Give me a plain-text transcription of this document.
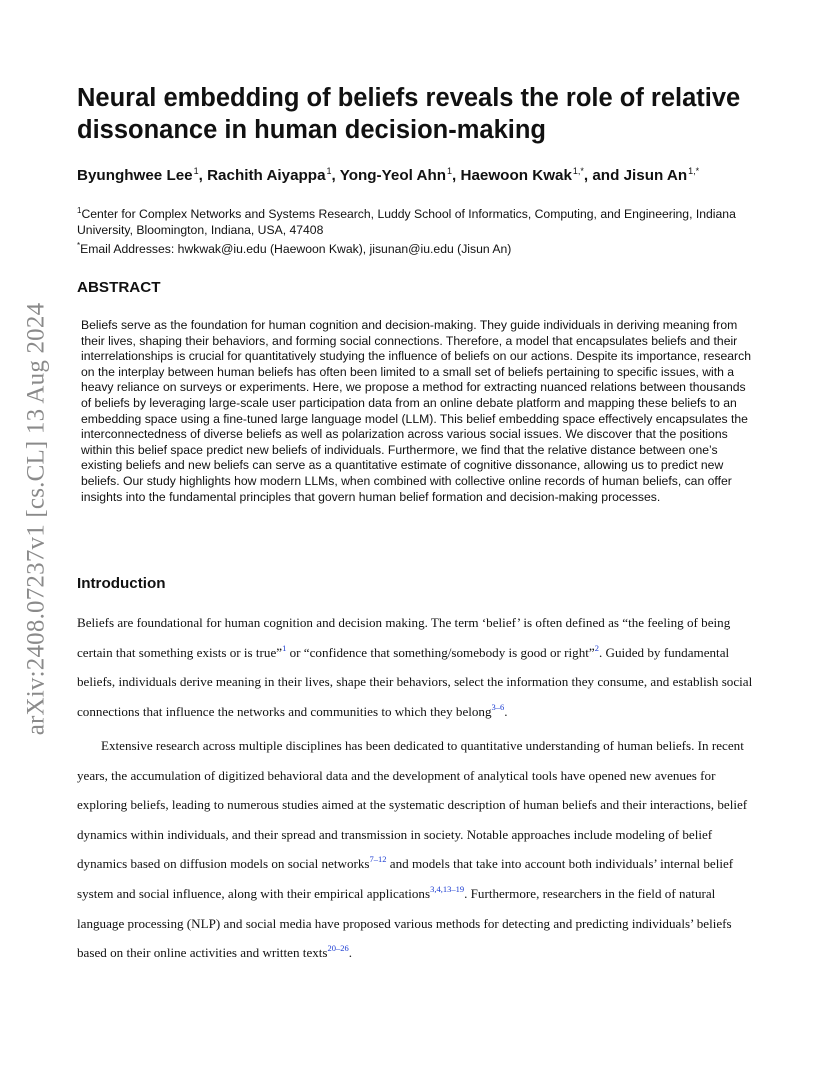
arXiv:2408.07237v1 [cs.CL] 13 Aug 2024
Neural embedding of beliefs reveals the role of relative dissonance in human decision-making
Byunghwee Lee$^1$, Rachith Aiyappa$^1$, Yong-Yeol Ahn$^1$, Haewoon Kwak$^{1,*}$, and Jisun $An^{1,*}$
$^1$Center for Complex Networks and Systems Research, Luddy School of Informatics, Computing, and Engineering, Indiana University, Bloomington, Indiana, USA, 47408
*Email Addresses: hwkwak@iu.edu (Haewoon Kwak), jisunan@iu.edu (Jisun An)
ABSTRACT

Beliefs serve as the foundation for human cognition and decision-making. They guide individuals in deriving meaning from their lives, shaping their behaviors, and forming social connections. Therefore, a model that encapsulates beliefs and their interrelationships is crucial for quantitatively studying the influence of beliefs on our actions. Despite its importance, research on the interplay between human beliefs has often been limited to a small set of beliefs pertaining to specific issues, with a heavy reliance on surveys or experiments. Here, we propose a method for extracting nuanced relations between thousands of beliefs by leveraging large-scale user participation data from an online debate platform and mapping these beliefs to an embedding space using a fine-tuned large language model (LLM). This belief embedding space effectively encapsulates the interconnectedness of diverse beliefs as well as polarization across various social issues. We discover that the positions within this belief space predict new beliefs of individuals. Furthermore, we find that the relative distance between one’s existing beliefs and new beliefs can serve as a quantitative estimate of cognitive dissonance, allowing us to predict new beliefs. Our study highlights how modern LLMs, when combined with collective online records of human beliefs, can offer insights into the fundamental principles that govern human belief formation and decision-making processes.

Introduction

Beliefs are foundational for human cognition and decision making. The term ‘belief’ is often defined as “the feeling of being certain that something exists or is true”$^1$ or “confidence that something/somebody is good or right”$^2$. Guided by fundamental beliefs, individuals derive meaning in their lives, shape their behaviors, select the information they consume, and establish social connections that influence the networks and communities to which they belong$^{3-6}$.

Extensive research across multiple disciplines has been dedicated to quantitative understanding of human beliefs. In recent years, the accumulation of digitized behavioral data and the development of analytical tools have opened new avenues for exploring beliefs, leading to numerous studies aimed at the systematic description of human beliefs and their interactions, belief dynamics within individuals, and their spread and transmission in society. Notable approaches include modeling of belief dynamics based on diffusion models on social networks$^{7-12}$ and models that take into account both individuals’ internal belief system and social influence, along with their empirical applications$^{3,4,13-19}$. Furthermore, researchers in the field of natural language processing (NLP) and social media have proposed various methods for detecting and predicting individuals’ beliefs based on their online activities and written texts$^{20-26}$.
